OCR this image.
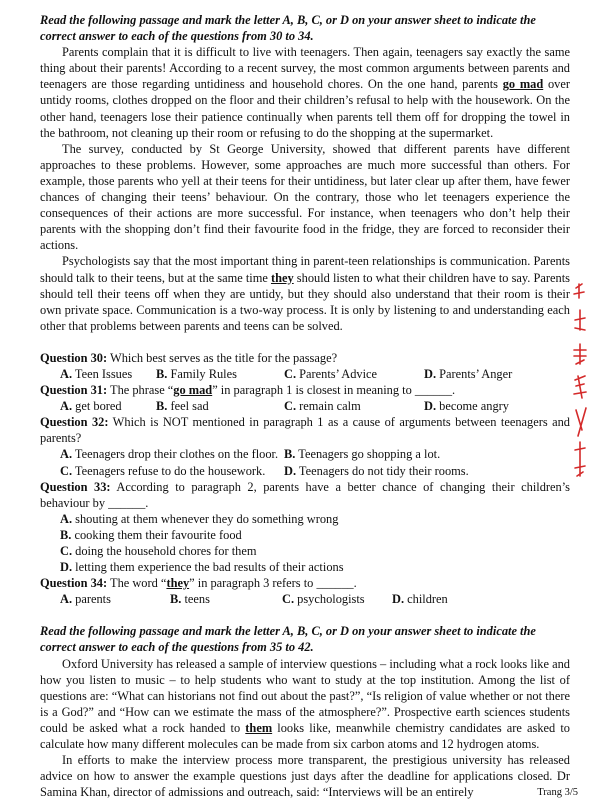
Read the following passage and mark the letter A, B, C, or D on your answer sheet to indicate the correct answer to each of the questions from 30 to 34.

Parents complain that it is difficult to live with teenagers. Then again, teenagers say exactly the same thing about their parents! According to a recent survey, the most common arguments between parents and teenagers are those regarding untidiness and household chores. On the one hand, parents go mad over untidy rooms, clothes dropped on the floor and their children’s refusal to help with the housework. On the other hand, teenagers lose their patience continually when parents tell them off for dropping the towel in the bathroom, not cleaning up their room or refusing to do the shopping at the supermarket.

The survey, conducted by St George University, showed that different parents have different approaches to these problems. However, some approaches are much more successful than others. For example, those parents who yell at their teens for their untidiness, but later clear up after them, have fewer chances of changing their teens’ behaviour. On the contrary, those who let teenagers experience the consequences of their actions are more successful. For instance, when teenagers who don’t help their parents with the shopping don’t find their favourite food in the fridge, they are forced to reconsider their actions.

Psychologists say that the most important thing in parent-teen relationships is communication. Parents should talk to their teens, but at the same time they should listen to what their children have to say. Parents should tell their teens off when they are untidy, but they should also understand that their room is their own private space. Communication is a two-way process. It is only by listening to and understanding each other that problems between parents and teens can be solved.

Question 30: Which best serves as the title for the passage?

A. Teen Issues	B. Family Rules	C. Parents’ Advice	D. Parents’ Anger

Question 31: The phrase “go mad” in paragraph 1 is closest in meaning to ______.

A. get bored	B. feel sad	C. remain calm	D. become angry

Question 32: Which is NOT mentioned in paragraph 1 as a cause of arguments between teenagers and parents?

A. Teenagers drop their clothes on the floor. B. Teenagers go shopping a lot.
C. Teenagers refuse to do the housework.	D. Teenagers do not tidy their rooms.

Question 33: According to paragraph 2, parents have a better chance of changing their children’s behaviour by ______.

A. shouting at them whenever they do something wrong
B. cooking them their favourite food
C. doing the household chores for them
D. letting them experience the bad results of their actions

Question 34: The word “they” in paragraph 3 refers to ______.

A. parents	B. teens	C. psychologists	D. children

Read the following passage and mark the letter A, B, C, or D on your answer sheet to indicate the correct answer to each of the questions from 35 to 42.

Oxford University has released a sample of interview questions – including what a rock looks like and how you listen to music – to help students who want to study at the top institution. Among the list of questions are: “What can historians not find out about the past?”, “Is religion of value whether or not there is a God?” and “How can we estimate the mass of the atmosphere?”. Prospective earth sciences students could be asked what a rock handed to them looks like, meanwhile chemistry candidates are asked to calculate how many different molecules can be made from six carbon atoms and 12 hydrogen atoms.

In efforts to make the interview process more transparent, the prestigious university has released advice on how to answer the example questions just days after the deadline for applications closed. Dr Samina Khan, director of admissions and outreach, said: “Interviews will be an entirely	Trang 3/5
